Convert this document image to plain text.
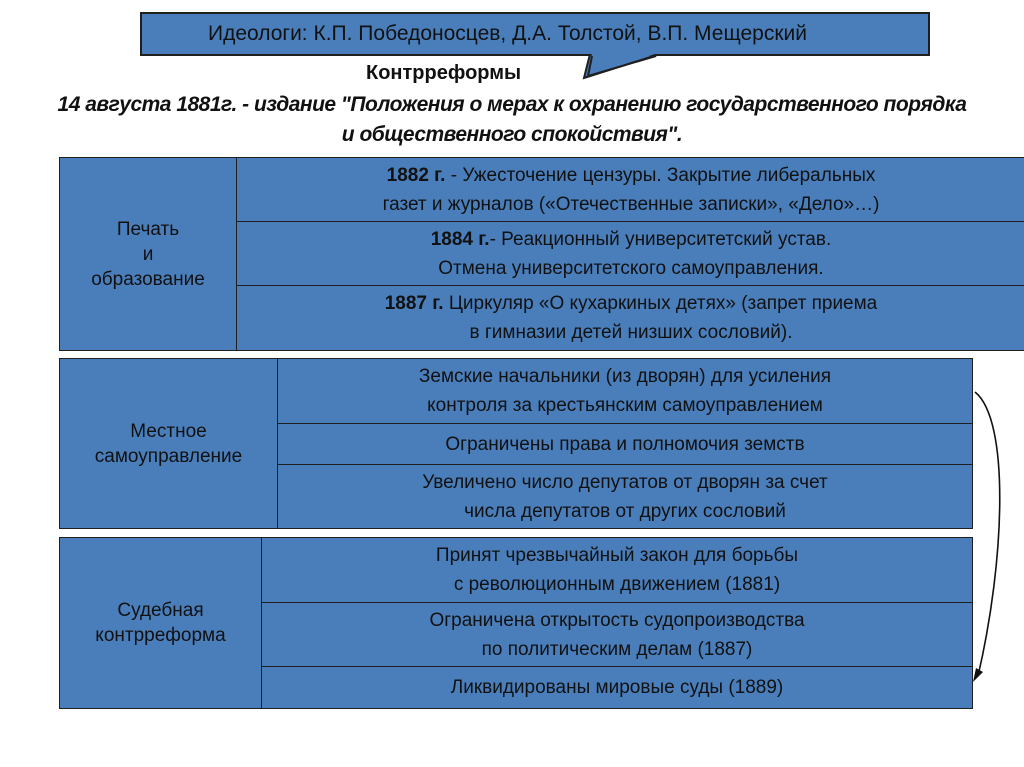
Идеологи: К.П. Победоносцев, Д.А. Толстой, В.П. Мещерский
Контрреформы
14 августа 1881г. - издание "Положения о мерах к охранению государственного порядка
и общественного спокойствия".
Печать
и
образование
1882 г. - Ужесточение цензуры. Закрытие либеральных
газет и журналов («Отечественные записки», «Дело»…)
1884 г.- Реакционный университетский устав.
Отмена университетского самоуправления.
1887 г. Циркуляр «О кухаркиных детях» (запрет приема
в гимназии детей низших сословий).
Местное
самоуправление
Земские начальники (из дворян) для усиления
контроля за крестьянским самоуправлением
Ограничены права и полномочия земств
Увеличено число депутатов от дворян за счет
числа депутатов от других сословий
Судебная
контрреформа
Принят чрезвычайный закон для борьбы
с революционным движением (1881)
Ограничена открытость судопроизводства
по политическим делам (1887)
Ликвидированы мировые суды (1889)
